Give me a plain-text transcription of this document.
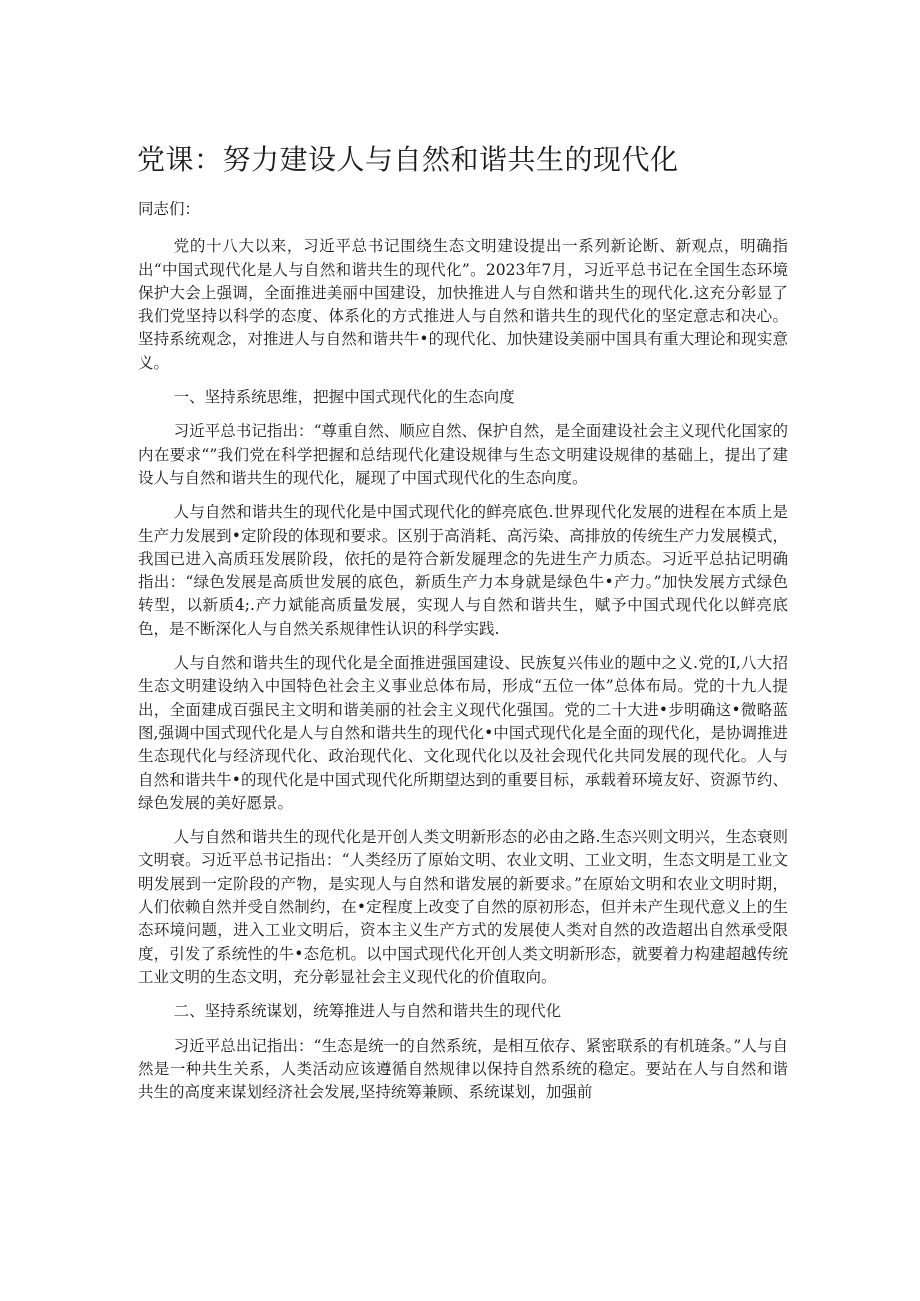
党课：努力建设人与自然和谐共生的现代化

同志们：

党的十八大以来，习近平总书记围绕生态文明建设提出一系列新论断、新观点，明确指出“中国式现代化是人与自然和谐共生的现代化”。2023年7月，习近平总书记在全国生态环境保护大会上强调，全面推进美丽中国建设，加快推进人与自然和谐共生的现代化.这充分彰显了我们党坚持以科学的态度、体系化的方式推进人与自然和谐共生的现代化的坚定意志和决心。坚持系统观念，对推进人与自然和谐共牛•的现代化、加快建设美丽中国具有重大理论和现实意义。

一、坚持系统思维，把握中国式现代化的生态向度

习近平总书记指出：“尊重自然、顺应自然、保护自然，是全面建设社会主义现代化国家的内在要求“”我们党在科学把握和总结现代化建设规律与生态文明建设规律的基础上，提出了建设人与自然和谐共生的现代化，屣现了中国式现代化的生态向度。

人与自然和谐共生的现代化是中国式现代化的鲜亮底色.世界现代化发展的进程在本质上是生产力发展到•定阶段的体现和要求。区别于高消耗、高污染、高排放的传统生产力发展模式，我国已进入高质珏发展阶段，依托的是符合新发屣理念的先进生产力质态。习近平总拈记明确指出：“绿色发展是高质世发展的底色，新质生产力本身就是绿色牛•产力。”加快发展方式绿色转型，以新质4;.产力斌能高质量发展，实现人与自然和谐共生，赋予中国式现代化以鲜亮底色，是不断深化人与自然关系规律性认识的科学实践.

人与自然和谐共生的现代化是全面推进强国建设、民族复兴伟业的题中之义.党的I,八大招生态文明建设纳入中国特色社会主义事业总体布局，形成“五位一体”总体布局。党的十九人提出，全面建成百强民主文明和谐美丽的社会主义现代化强国。党的二十大进•步明确这•微略蓝图,强调中国式现代化是人与自然和谐共生的现代化•中国式现代化是全面的现代化，是协调推进生态现代化与经济现代化、政治现代化、文化现代化以及社会现代化共同发展的现代化。人与自然和谐共牛•的现代化是中国式现代化所期望达到的重要目标，承载着环境友好、资源节约、绿色发展的美好愿景。

人与自然和谐共生的现代化是开创人类文明新形态的必由之路.生态兴则文明兴，生态衰则文明衰。习近平总书记指出：“人类经历了原始文明、农业文明、工业文明，生态文明是工业文明发展到一定阶段的产物，是实现人与自然和谐发展的新要求。”在原始文明和农业文明时期，人们依赖自然并受自然制约，在•定程度上改变了自然的原初形态，但并未产生现代意义上的生态环境问题，进入工业文明后，资本主义生产方式的发展使人类对自然的改造超出自然承受限度，引发了系统性的牛•态危机。以中国式现代化开创人类文明新形态，就要着力构建超越传统工业文明的生态文明，充分彰显社会主义现代化的价值取向。

二、坚持系统谋划，统筹推进人与自然和谐共生的现代化

习近平总出记指出：“生态是统一的自然系统，是相互依存、紧密联系的有机琏条。”人与自然是一种共生关系，人类活动应该遵循自然规律以保持自然系统的稳定。要站在人与自然和谐共生的高度来谋划经济社会发展,坚持统筹兼顾、系统谋划，加强前
